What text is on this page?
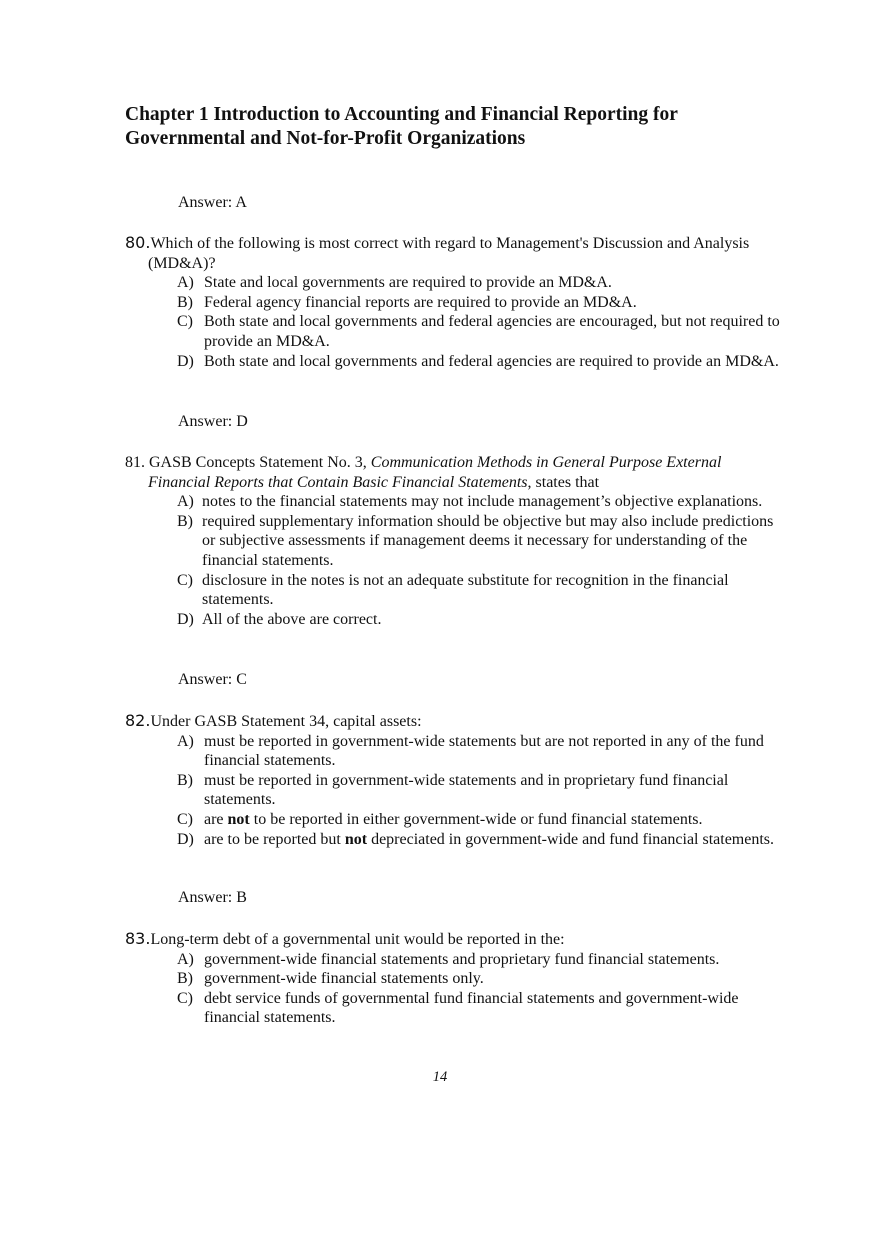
Chapter 1 Introduction to Accounting and Financial Reporting for
Governmental and Not-for-Profit Organizations
Answer: A
80.Which of the following is most correct with regard to Management's Discussion and Analysis (MD&A)?
A) State and local governments are required to provide an MD&A.
B) Federal agency financial reports are required to provide an MD&A.
C) Both state and local governments and federal agencies are encouraged, but not required to provide an MD&A.
D) Both state and local governments and federal agencies are required to provide an MD&A.
Answer: D
81. GASB Concepts Statement No. 3, Communication Methods in General Purpose External Financial Reports that Contain Basic Financial Statements, states that
A) notes to the financial statements may not include management’s objective explanations.
B) required supplementary information should be objective but may also include predictions or subjective assessments if management deems it necessary for understanding of the financial statements.
C) disclosure in the notes is not an adequate substitute for recognition in the financial statements.
D) All of the above are correct.
Answer: C
82.Under GASB Statement 34, capital assets:
A) must be reported in government-wide statements but are not reported in any of the fund financial statements.
B) must be reported in government-wide statements and in proprietary fund financial statements.
C) are not to be reported in either government-wide or fund financial statements.
D) are to be reported but not depreciated in government-wide and fund financial statements.
Answer: B
83.Long-term debt of a governmental unit would be reported in the:
A) government-wide financial statements and proprietary fund financial statements.
B) government-wide financial statements only.
C) debt service funds of governmental fund financial statements and government-wide financial statements.
14
